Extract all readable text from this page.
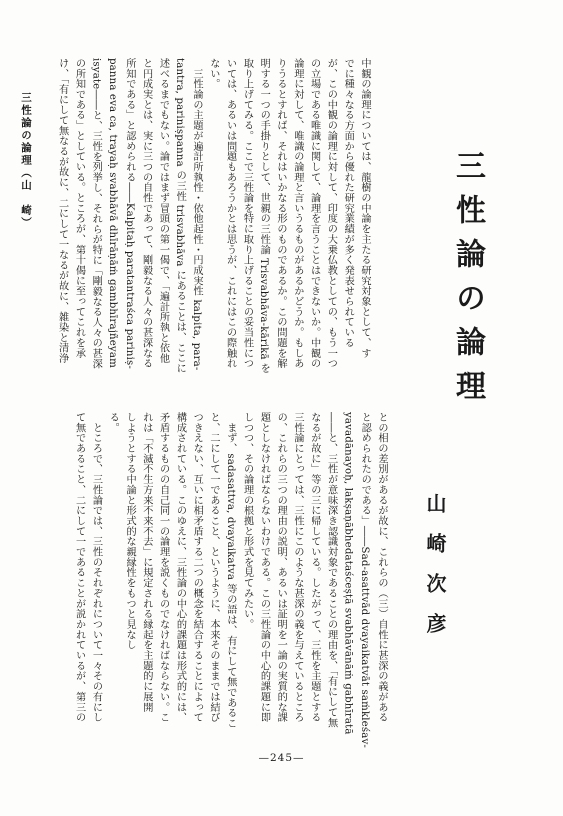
三性論の論理（山　崎）	中観の論理については、龍樹の中論を主たる研究対象として、す
でに種々なる方面から優れた研究業績が多く発表せられている
が、この中観の論理に対して、印度の大乗仏教としての、もう一つ
の立場である唯識に関して、論理を言うことはできないか。中観の
論理に対して、唯識の論理と言いうるものがあるかどうか。もしあ
りうるとすれば、それはいかなる形のものであるか。この問題を解
明する一つの手掛りとして、世親の三性論 Trisvabhāva-kārikā を
取り上げてみる。ここで三性論を特に取り上げることの妥当性につ
いては、あるいは問題もあろうかとは思うが、これにはこの際触れ
ない。
　三性論の主題が遍計所執性・依他起性・円成実性 kalpita, para-
tantra, pariniṣpanna の三性 trisvabhāva にあることは、ここに
述べるまでもない。論ではまず冒頭の第一偈で、「遍計所執と依他
と円成実とは、実に三つの自性であって、剛毅なる人々の甚深なる
所知である」と認められる――Kalpitaḥ paratantraśca pariniṣ-
panna eva ca, trayaḥ svabhāvā dhīrāṇāṁ gambhīrajñeyam
isyate――と、三性を列挙し、それらが特に「剛毅なる人々の甚深
の所知である」としている。ところが、第十偈に至ってこれを承
け、「有にして無なるが故に、二にして一なるが故に、雑染と清浄	三性論の論理
山崎次彦
との相の差別があるが故に、これらの（三）自性に甚深の義がある
と認められたのである」――Sad-asattvād dvayaikatvāt saṁkleśav-
yavadānayoḥ, lakṣaṇābhedataśceṣṭā svabhāvānāṁ gabhīratā
――と、三性が意味深き認識対象であることの理由を、「有にして無
なるが故に」等の三に帰している。したがって、三性を主題とする
三性論にとっては、三性にこのような甚深の義を与えているところ
の、これらの三つの理由の説明、あるいは証明を一論の実質的な課
題としなければならないわけである。この三性論の中心的課題に即
しつつ、その論理の根拠と形式を見てみたい。
　まず、sadasattva, dvayaikatva 等の語は、有にして無であるこ
と、二にして一であること、というように、本来そのままでは結び
つきえない、互いに相矛盾する二つの概念を結合することによって
構成されている。このゆえに、三性論の中心的課題は形式的には、
矛盾するものの自己同一の論理を説くものでなければならない。こ
れは「不滅不生方来不来不去」に規定される縁起を主題的に展開
しようとする中論と形式的な親縁性をもつと見なし
る。
　ところで、三性論では、三性のそれぞれについて一々その有にし
て無であること、二にして一であることが説かれているが、第三の
—245—
